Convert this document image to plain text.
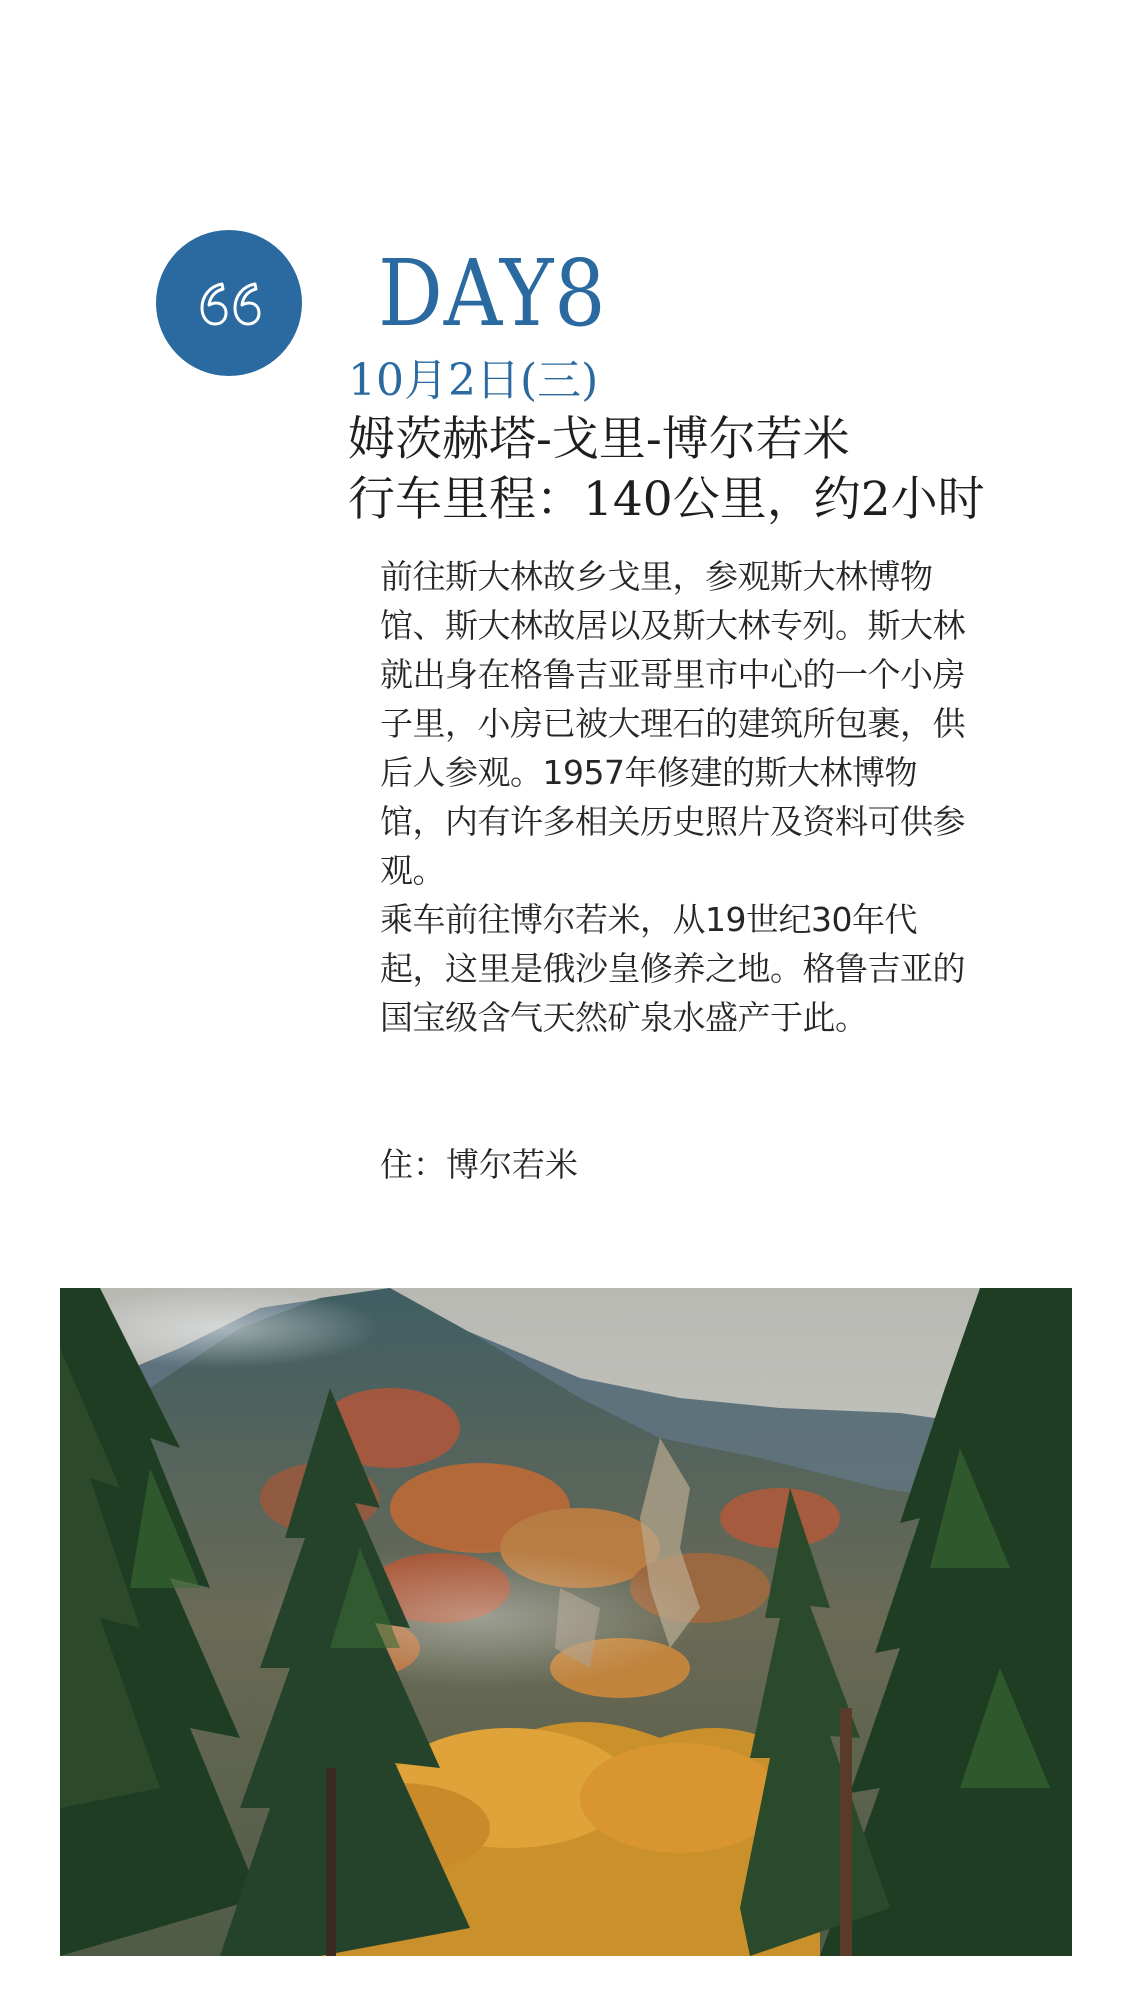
DAY8
10月2日(三)
姆茨赫塔-戈里-博尔若米
行车里程：140公里，约2小时

前往斯大林故乡戈里，参观斯大林博物馆、斯大林故居以及斯大林专列。斯大林就出身在格鲁吉亚哥里市中心的一个小房子里，小房已被大理石的建筑所包裹，供后人参观。1957年修建的斯大林博物馆，内有许多相关历史照片及资料可供参观。

乘车前往博尔若米，从19世纪30年代起，这里是俄沙皇修养之地。格鲁吉亚的国宝级含气天然矿泉水盛产于此。

住：博尔若米
